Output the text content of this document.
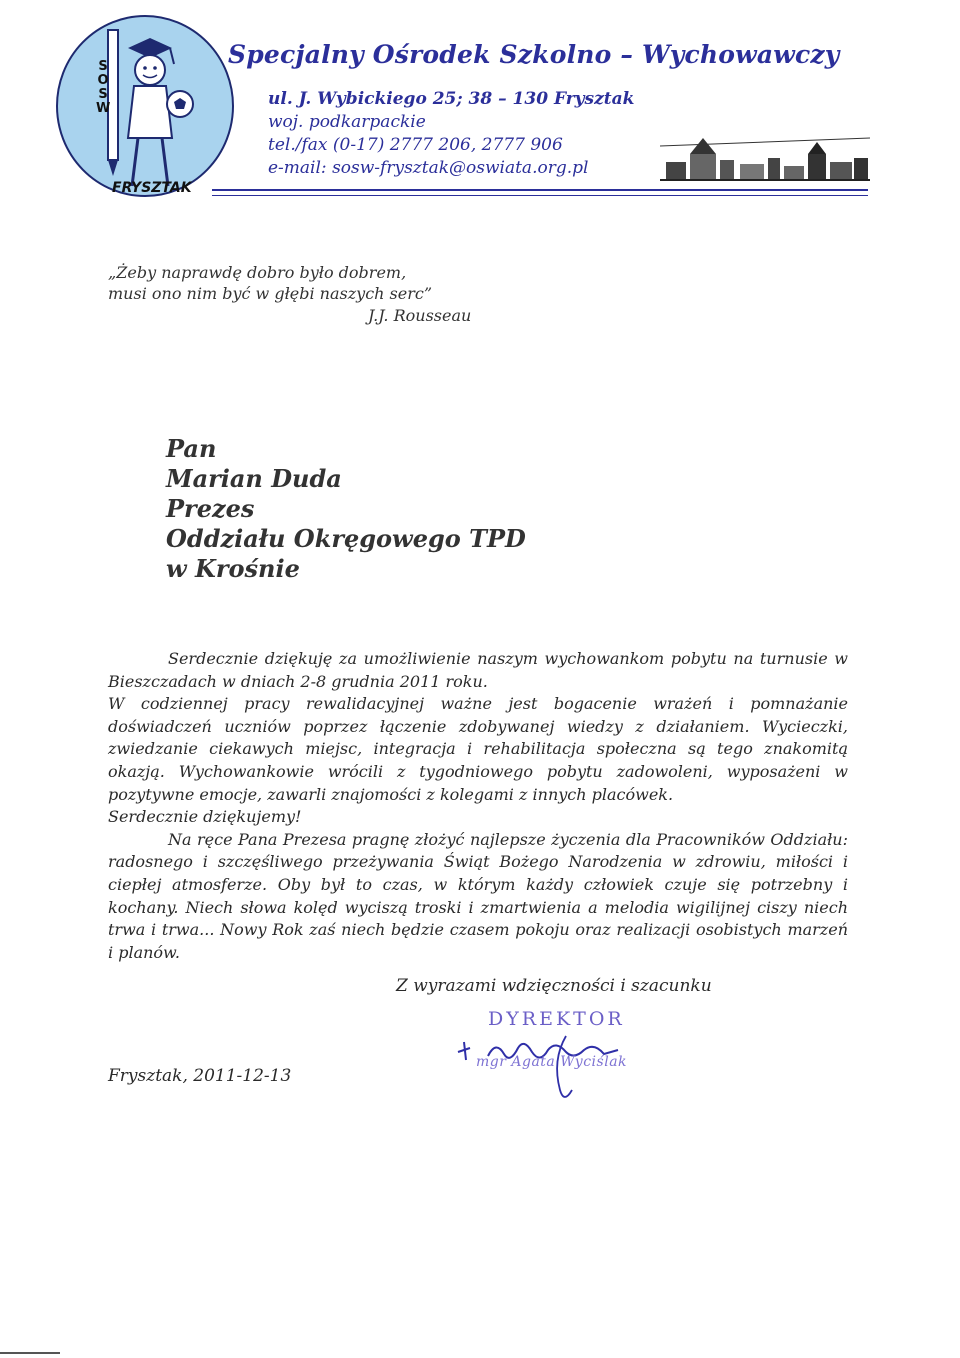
S
O
S
W
FRYSZTAK
Specjalny Ośrodek Szkolno – Wychowawczy
ul. J. Wybickiego 25; 38 – 130 Frysztak
woj. podkarpackie
tel./fax (0-17) 2777 206, 2777 906
e-mail: sosw-frysztak@oswiata.org.pl
„Żeby naprawdę dobro było dobrem,
musi ono nim być w głębi naszych serc”
J.J. Rousseau
Pan
Marian Duda
Prezes
Oddziału Okręgowego TPD
w Krośnie

Serdecznie dziękuję za umożliwienie naszym wychowankom pobytu na turnusie w Bieszczadach w dniach 2-8 grudnia 2011 roku.

W codziennej pracy rewalidacyjnej ważne jest bogacenie wrażeń i pomnażanie doświadczeń uczniów poprzez łączenie zdobywanej wiedzy z działaniem. Wycieczki, zwiedzanie ciekawych miejsc, integracja i rehabilitacja społeczna są tego znakomitą okazją. Wychowankowie wrócili z tygodniowego pobytu zadowoleni, wyposażeni w pozytywne emocje, zawarli znajomości z kolegami z innych placówek.

Serdecznie dziękujemy!

Na ręce Pana Prezesa pragnę złożyć najlepsze życzenia dla Pracowników Oddziału: radosnego i szczęśliwego przeżywania Świąt Bożego Narodzenia w zdrowiu, miłości i ciepłej atmosferze. Oby był to czas, w którym każdy człowiek czuje się potrzebny i kochany. Niech słowa kolęd wyciszą troski i zmartwienia a melodia wigilijnej ciszy niech trwa i trwa... Nowy Rok zaś niech będzie czasem pokoju oraz realizacji osobistych marzeń i planów.

Z wyrazami wdzięczności i szacunku
DYREKTOR
mgr Agata Wyciślak
Frysztak, 2011-12-13
